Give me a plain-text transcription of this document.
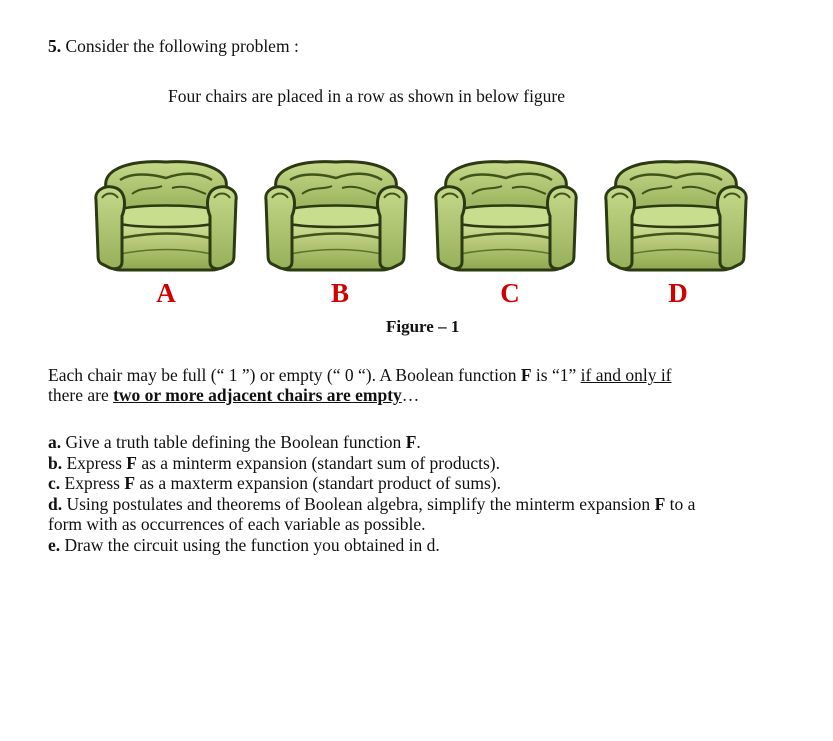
5. Consider the following problem :
Four chairs are placed in a row as shown in below figure
A	B	C	D
Figure – 1
Each chair may be full (“ 1 ”) or empty (“ 0 “). A Boolean function F is “1” if and only if
there are two or more adjacent chairs are empty…
a. Give a truth table defining the Boolean function F.
b. Express F as a minterm expansion (standart sum of products).
c. Express F as a maxterm expansion (standart product of sums).
d. Using postulates and theorems of Boolean algebra, simplify the minterm expansion F to a
form with as occurrences of each variable as possible.
e. Draw the circuit using the function you obtained in d.
